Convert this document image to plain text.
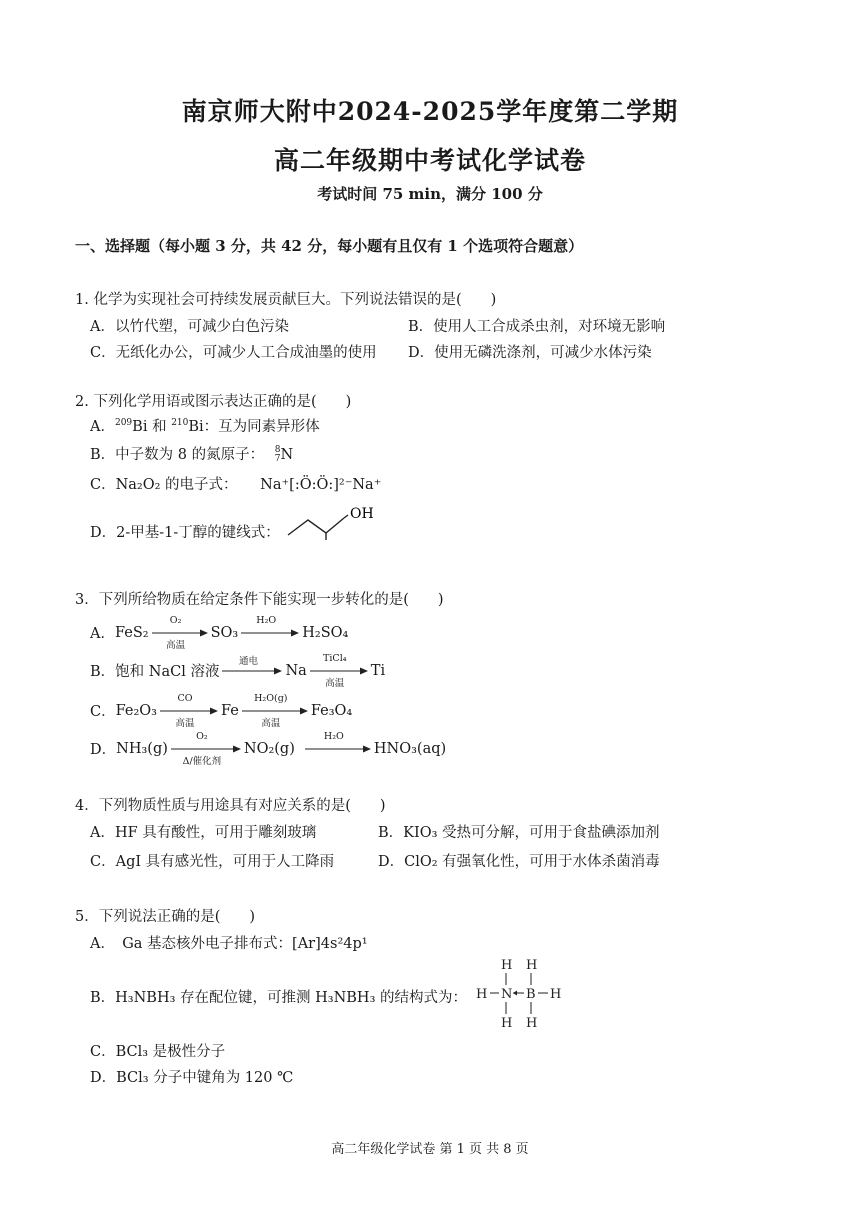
南京师大附中2024-2025学年度第二学期
高二年级期中考试化学试卷
考试时间 75 min，满分 100 分
一、选择题（每小题 3 分，共 42 分，每小题有且仅有 1 个选项符合题意）
1. 化学为实现社会可持续发展贡献巨大。下列说法错误的是(　　)
A．以竹代塑，可减少白色污染	B．使用人工合成杀虫剂，对环境无影响
C．无纸化办公，可减少人工合成油墨的使用 D．使用无磷洗涤剂，可减少水体污染
2. 下列化学用语或图示表达正确的是(　　)
A．$^{209}$Bi 和 $^{210}$Bi：互为同素异形体
B．中子数为 8 的氮原子： 8
7 N
C．Na₂O₂ 的电子式： Na⁺[:Ö:Ö:]²⁻Na⁺
D．2-甲基-1-丁醇的键线式：
OH
3．下列所给物质在给定条件下能实现一步转化的是(　　)
A． FeS₂
O₂
高温
SO₃
H₂O
H₂SO₄
B． 饱和 NaCl 溶液
通电
Na
TiCl₄
高温
Ti
C． Fe₂O₃
CO
高温
Fe
H₂O(g)
高温
Fe₃O₄
D． NH₃(g)
O₂
Δ/催化剂
NO₂(g)
H₂O
HNO₃(aq)
4．下列物质性质与用途具有对应关系的是(　　)
A．HF 具有酸性，可用于雕刻玻璃	B．KIO₃ 受热可分解，可用于食盐碘添加剂
C．AgI 具有感光性，可用于人工降雨	D．ClO₂ 有强氧化性，可用于水体杀菌消毒
5．下列说法正确的是(　　)
A．　Ga 基态核外电子排布式：[Ar]4s²4p¹
B．H₃NBH₃ 存在配位键，可推测 H₃NBH₃ 的结构式为：
H H
H N B H
H H
C．BCl₃ 是极性分子
D．BCl₃ 分子中键角为 120 ℃
高二年级化学试卷 第 1 页 共 8 页
